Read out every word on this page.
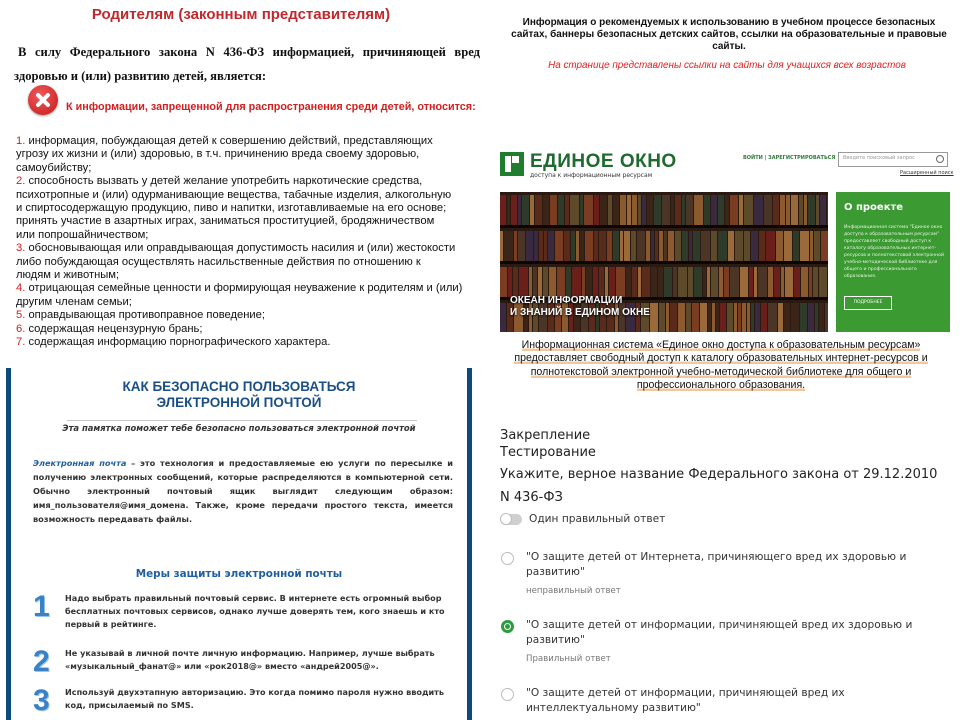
Родителям (законным представителям)
В силу Федерального закона N 436-ФЗ информацией, причиняющей вред здоровью и (или) развитию детей, является:
К информации, запрещенной для распространения среди детей, относится:
1. информация, побуждающая детей к совершению действий, представляющих
угрозу их жизни и (или) здоровью, в т.ч. причинению вреда своему здоровью,
самоубийству;
2. способность вызвать у детей желание употребить наркотические средства,
психотропные и (или) одурманивающие вещества, табачные изделия, алкогольную
и спиртосодержащую продукцию, пиво и напитки, изготавливаемые на его основе;
принять участие в азартных играх, заниматься проституцией, бродяжничеством
или попрошайничеством;
3. обосновывающая или оправдывающая допустимость насилия и (или) жестокости
либо побуждающая осуществлять насильственные действия по отношению к
людям и животным;
4. отрицающая семейные ценности и формирующая неуважение к родителям и (или)
другим членам семьи;
5. оправдывающая противоправное поведение;
6. содержащая нецензурную брань;
7. содержащая информацию порнографического характера.
Информация о рекомендуемых к использованию в учебном процессе безопасных сайтах, баннеры безопасных детских сайтов, ссылки на образовательные и правовые сайты.
На странице представлены ссылки на сайты для учащихся всех возрастов
ЕДИНОЕ ОКНО
доступа к информационным ресурсам
ВОЙТИ | ЗАРЕГИСТРИРОВАТЬСЯ Введите поисковый запрос
Расширенный поиск
ОКЕАН ИНФОРМАЦИИ
И ЗНАНИЙ В ЕДИНОМ ОКНЕ
О проекте
Информационная система "Единое окно доступа к образовательным ресурсам" предоставляет свободный доступ к каталогу образовательных интернет-ресурсов и полнотекстовой электронной учебно-методической библиотеке для общего и профессионального образования.
ПОДРОБНЕЕ
Информационная система «Единое окно доступа к образовательным ресурсам»
предоставляет свободный доступ к каталогу образовательных интернет-ресурсов и
полнотекстовой электронной учебно-методической библиотеке для общего и
профессионального образования.
КАК БЕЗОПАСНО ПОЛЬЗОВАТЬСЯ
ЭЛЕКТРОННОЙ ПОЧТОЙ
Эта памятка поможет тебе безопасно пользоваться электронной почтой
Электронная почта – это технология и предоставляемые ею услуги по пересылке и получению электронных сообщений, которые распределяются в компьютерной сети. Обычно электронный почтовый ящик выглядит следующим образом: имя_пользователя@имя_домена. Также, кроме передачи простого текста, имеется возможность передавать файлы.
Меры защиты электронной почты
1 Надо выбрать правильный почтовый сервис. В интернете есть огромный выбор бесплатных почтовых сервисов, однако лучше доверять тем, кого знаешь и кто первый в рейтинге.
2 Не указывай в личной почте личную информацию. Например, лучше выбрать «музыкальный_фанат@» или «рок2018@» вместо «андрей2005@».
3 Используй двухэтапную авторизацию. Это когда помимо пароля нужно вводить код, присылаемый по SMS.
Закрепление
Тестирование
Укажите, верное название Федерального закона от 29.12.2010 N 436-ФЗ
Один правильный ответ
"О защите детей от Интернета, причиняющего вред их здоровью и развитию"
неправильный ответ
"О защите детей от информации, причиняющей вред их здоровью и развитию"
Правильный ответ
"О защите детей от информации, причиняющей вред их интеллектуальному развитию"
